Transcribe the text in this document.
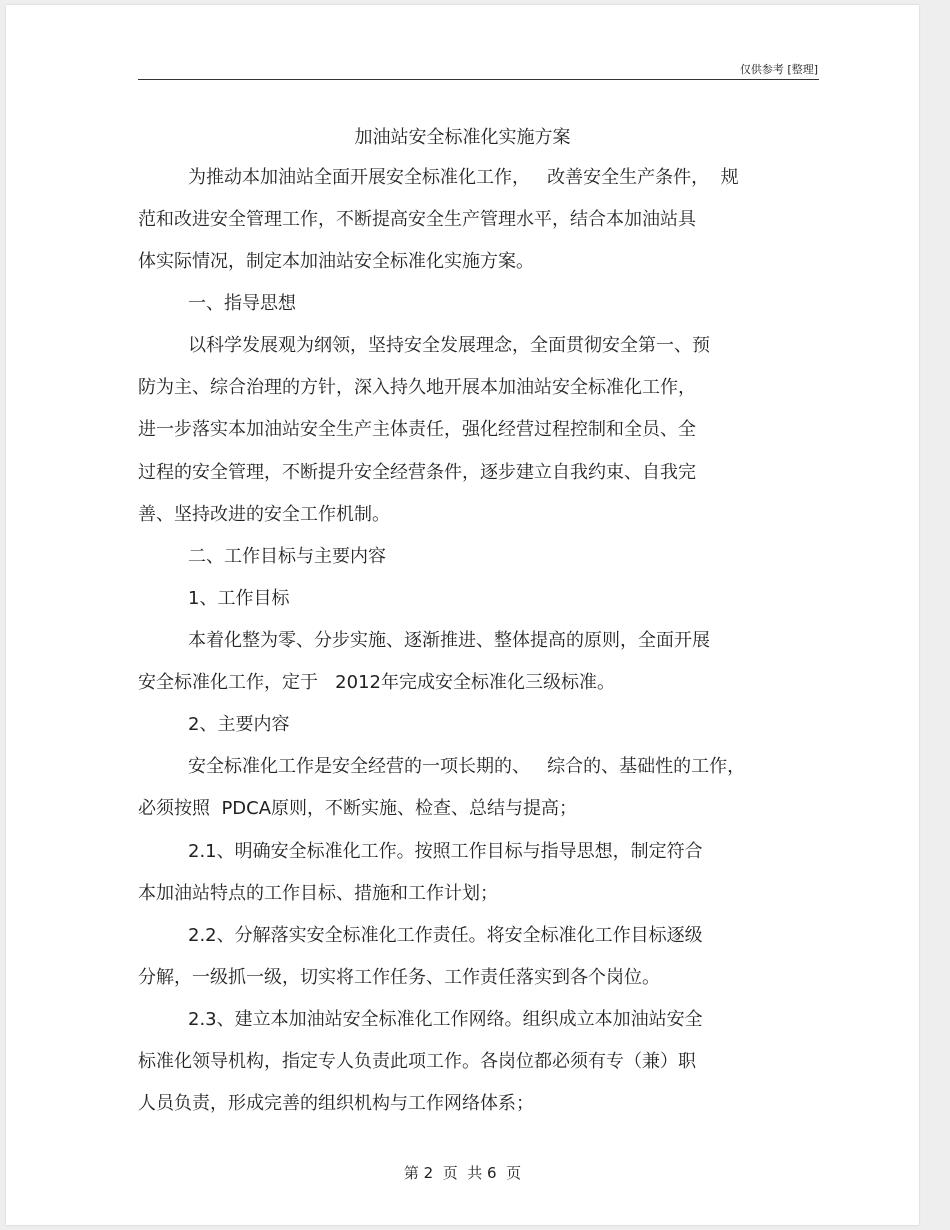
仅供参考 [整理]
加油站安全标准化实施方案
为推动本加油站全面开展安全标准化工作，   改善安全生产条件，  规
范和改进安全管理工作，不断提高安全生产管理水平，结合本加油站具
体实际情况，制定本加油站安全标准化实施方案。
一、指导思想
以科学发展观为纲领，坚持安全发展理念，全面贯彻安全第一、预
防为主、综合治理的方针，深入持久地开展本加油站安全标准化工作，
进一步落实本加油站安全生产主体责任，强化经营过程控制和全员、全
过程的安全管理，不断提升安全经营条件，逐步建立自我约束、自我完
善、坚持改进的安全工作机制。
二、工作目标与主要内容
1、工作目标
本着化整为零、分步实施、逐渐推进、整体提高的原则，全面开展
安全标准化工作，定于   2012年完成安全标准化三级标准。
2、主要内容
安全标准化工作是安全经营的一项长期的、   综合的、基础性的工作，
必须按照  PDCA原则，不断实施、检查、总结与提高；
2.1、明确安全标准化工作。按照工作目标与指导思想，制定符合
本加油站特点的工作目标、措施和工作计划；
2.2、分解落实安全标准化工作责任。将安全标准化工作目标逐级
分解，一级抓一级，切实将工作任务、工作责任落实到各个岗位。
2.3、建立本加油站安全标准化工作网络。组织成立本加油站安全
标准化领导机构，指定专人负责此项工作。各岗位都必须有专（兼）职
人员负责，形成完善的组织机构与工作网络体系；
第 2  页  共 6  页
